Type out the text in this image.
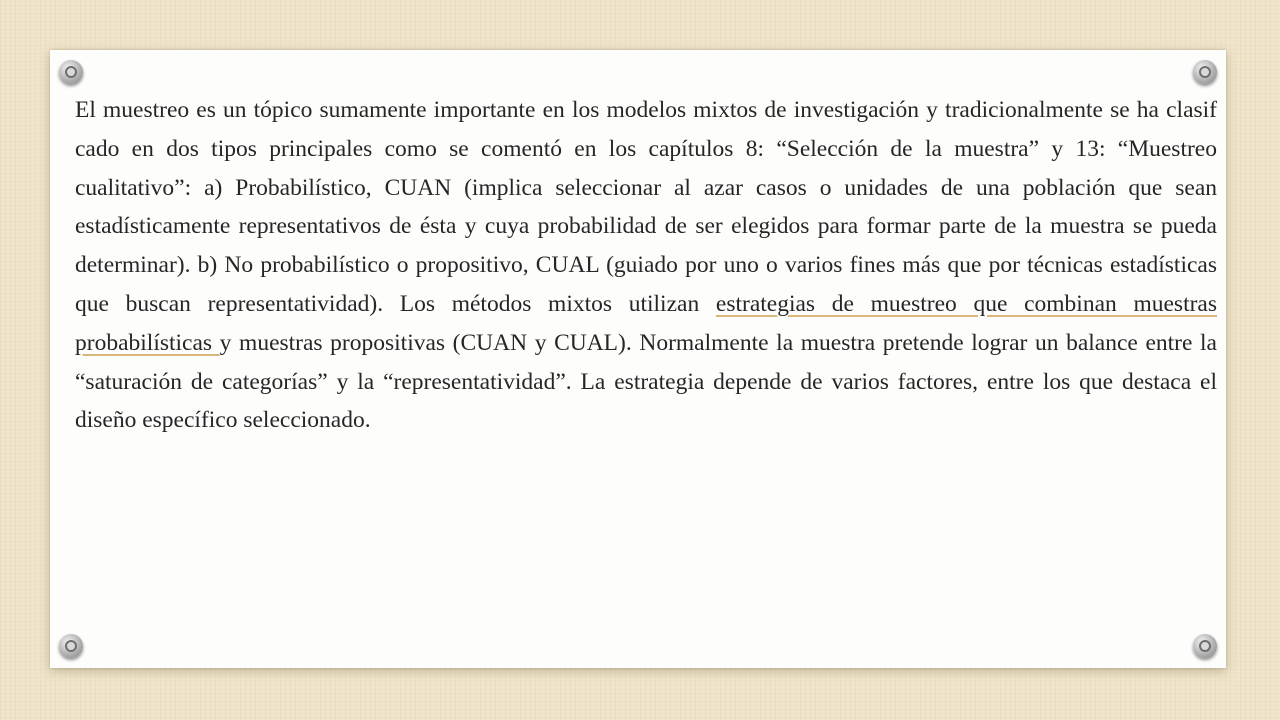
El muestreo es un tópico sumamente importante en los modelos mixtos de investigación y tradicionalmente se ha clasif cado en dos tipos principales como se comentó en los capítulos 8: “Selección de la muestra” y 13: “Muestreo cualitativo”: a) Probabilístico, CUAN (implica seleccionar al azar casos o unidades de una población que sean estadísticamente representativos de ésta y cuya probabilidad de ser elegidos para formar parte de la muestra se pueda determinar). b) No probabilístico o propositivo, CUAL (guiado por uno o varios fines más que por técnicas estadísticas que buscan representatividad). Los métodos mixtos utilizan estrategias de muestreo que combinan muestras probabilísticas y muestras propositivas (CUAN y CUAL). Normalmente la muestra pretende lograr un balance entre la “saturación de categorías” y la “representatividad”. La estrategia depende de varios factores, entre los que destaca el diseño específico seleccionado.
